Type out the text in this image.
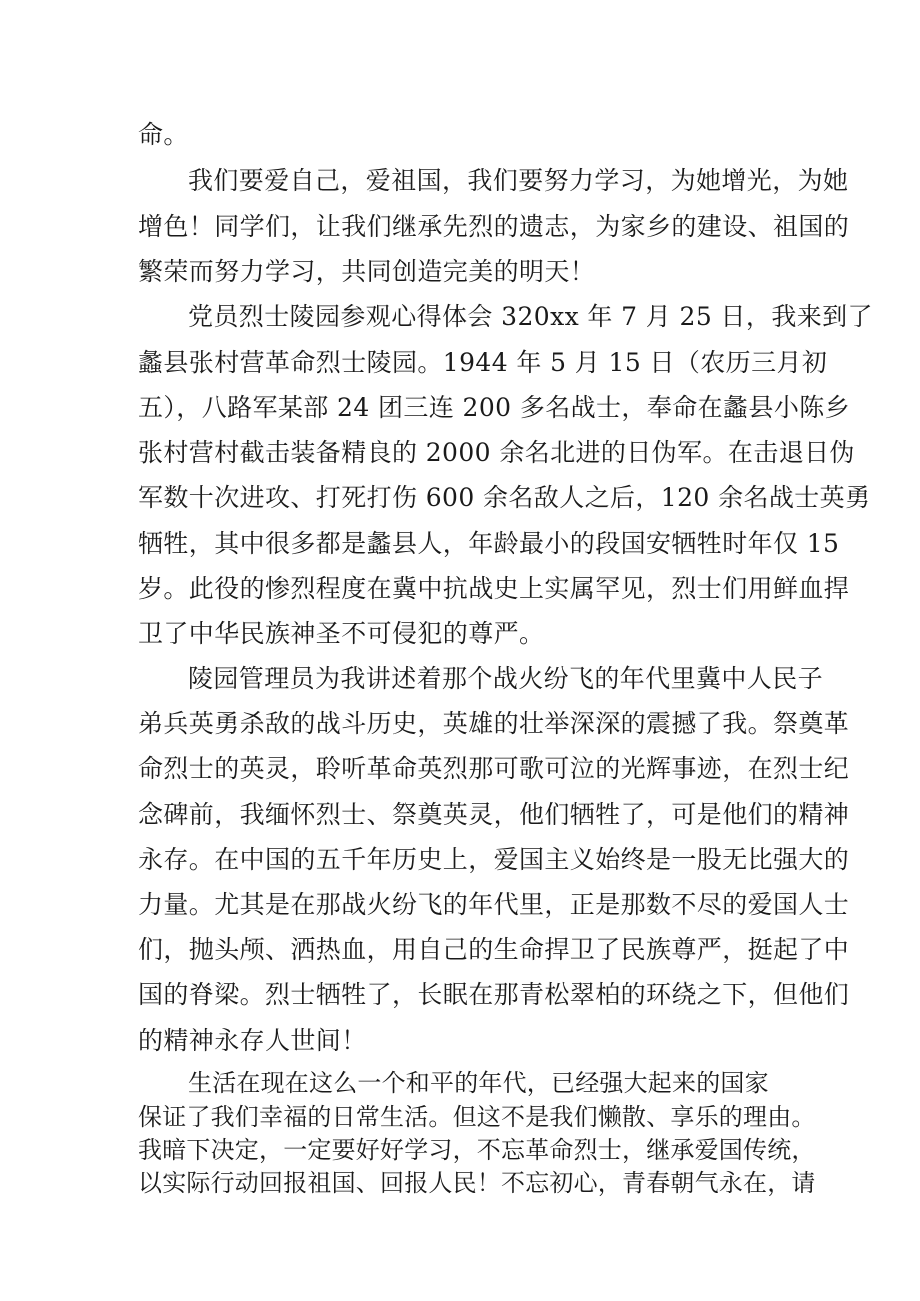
命。

我们要爱自己，爱祖国，我们要努力学习，为她增光，为她

增色！同学们，让我们继承先烈的遗志，为家乡的建设、祖国的

繁荣而努力学习，共同创造完美的明天！

党员烈士陵园参观心得体会 320xx 年 7 月 25 日，我来到了

蠡县张村营革命烈士陵园。1944 年 5 月 15 日（农历三月初

五），八路军某部 24 团三连 200 多名战士，奉命在蠡县小陈乡

张村营村截击装备精良的 2000 余名北进的日伪军。在击退日伪

军数十次进攻、打死打伤 600 余名敌人之后，120 余名战士英勇

牺牲，其中很多都是蠡县人，年龄最小的段国安牺牲时年仅 15

岁。此役的惨烈程度在冀中抗战史上实属罕见，烈士们用鲜血捍

卫了中华民族神圣不可侵犯的尊严。

陵园管理员为我讲述着那个战火纷飞的年代里冀中人民子

弟兵英勇杀敌的战斗历史，英雄的壮举深深的震撼了我。祭奠革

命烈士的英灵，聆听革命英烈那可歌可泣的光辉事迹，在烈士纪

念碑前，我缅怀烈士、祭奠英灵，他们牺牲了，可是他们的精神

永存。在中国的五千年历史上，爱国主义始终是一股无比强大的

力量。尤其是在那战火纷飞的年代里，正是那数不尽的爱国人士

们，抛头颅、洒热血，用自己的生命捍卫了民族尊严，挺起了中

国的脊梁。烈士牺牲了，长眠在那青松翠柏的环绕之下，但他们

的精神永存人世间！

生活在现在这么一个和平的年代，已经强大起来的国家

保证了我们幸福的日常生活。但这不是我们懒散、享乐的理由。

我暗下决定，一定要好好学习，不忘革命烈士，继承爱国传统，

以实际行动回报祖国、回报人民！不忘初心，青春朝气永在，请
